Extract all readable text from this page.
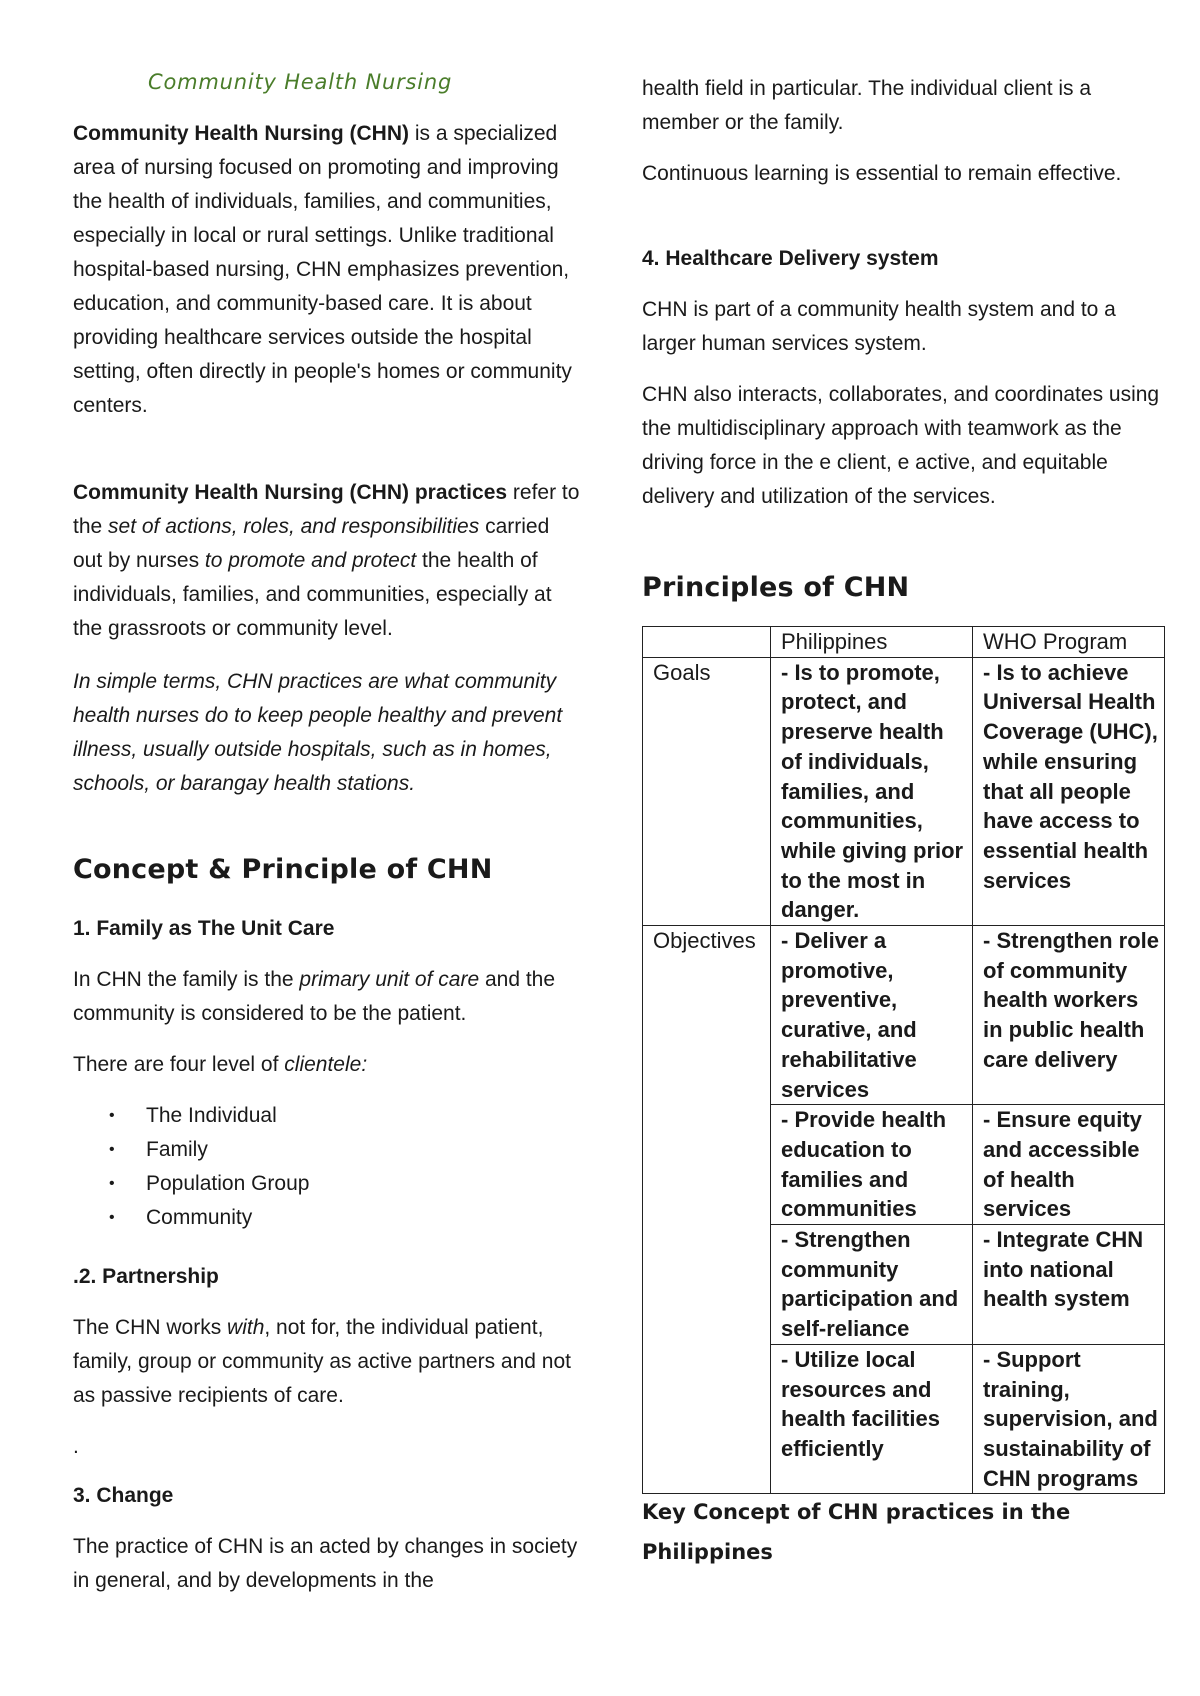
Community Health Nursing

Community Health Nursing (CHN) is a specialized area of nursing focused on promoting and improving the health of individuals, families, and communities, especially in local or rural settings. Unlike traditional hospital-based nursing, CHN emphasizes prevention, education, and community-based care. It is about providing healthcare services outside the hospital setting, often directly in people's homes or community centers.

Community Health Nursing (CHN) practices refer to the set of actions, roles, and responsibilities carried out by nurses to promote and protect the health of individuals, families, and communities, especially at the grassroots or community level.

In simple terms, CHN practices are what community health nurses do to keep people healthy and prevent illness, usually outside hospitals, such as in homes, schools, or barangay health stations.

Concept & Principle of CHN

1. Family as The Unit Care

In CHN the family is the primary unit of care and the community is considered to be the patient.

There are four level of clientele:

• The Individual
• Family
• Population Group
• Community

.2. Partnership

The CHN works with, not for, the individual patient, family, group or community as active partners and not as passive recipients of care.

.

3. Change

The practice of CHN is an acted by changes in society in general, and by developments in the

health field in particular. The individual client is a member or the family.

Continuous learning is essential to remain effective.

4. Healthcare Delivery system

CHN is part of a community health system and to a larger human services system.

CHN also interacts, collaborates, and coordinates using the multidisciplinary approach with teamwork as the driving force in the e client, e active, and equitable delivery and utilization of the services.

Principles of CHN
Key Concept of CHN practices in the Philippines
	Philippines	WHO Program
Goals	- Is to promote, protect, and preserve health of individuals, families, and communities, while giving prior to the most in danger.	- Is to achieve Universal Health Coverage (UHC), while ensuring that all people have access to essential health services
Objectives	- Deliver a promotive, preventive, curative, and rehabilitative services	- Strengthen role of community health workers in public health care delivery
	- Provide health education to families and communities	- Ensure equity and accessible of health services
	- Strengthen community participation and self-reliance	- Integrate CHN into national health system
	- Utilize local resources and health facilities efficiently	- Support training, supervision, and sustainability of CHN programs
